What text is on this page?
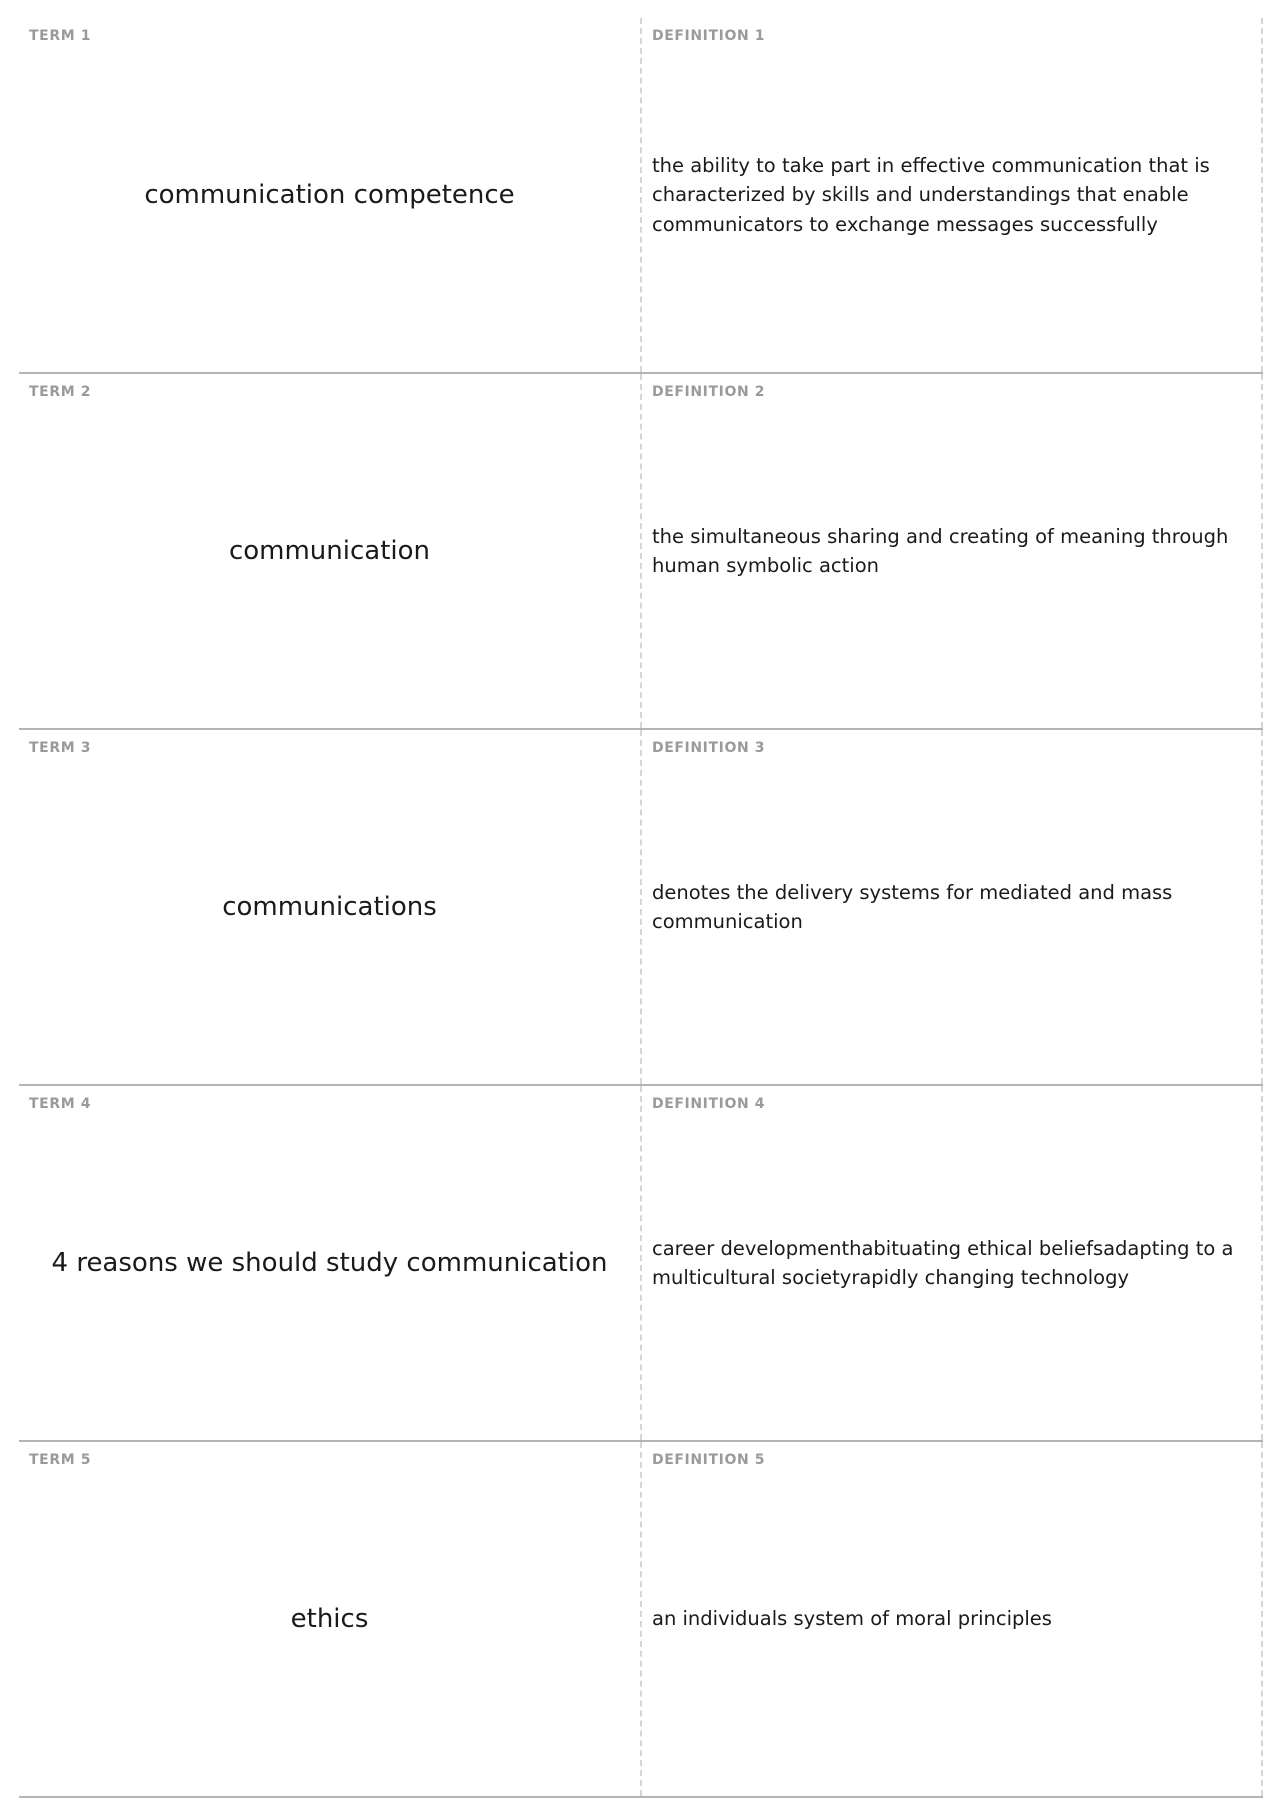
TERM 1
communication competence
DEFINITION 1
the ability to take part in effective communication that is characterized by skills and understandings that enable communicators to exchange messages successfully
TERM 2
communication
DEFINITION 2
the simultaneous sharing and creating of meaning through human symbolic action
TERM 3
communications
DEFINITION 3
denotes the delivery systems for mediated and mass communication
TERM 4
4 reasons we should study communication
DEFINITION 4
career developmenthabituating ethical beliefsadapting to a multicultural societyrapidly changing technology
TERM 5
ethics
DEFINITION 5
an individuals system of moral principles
